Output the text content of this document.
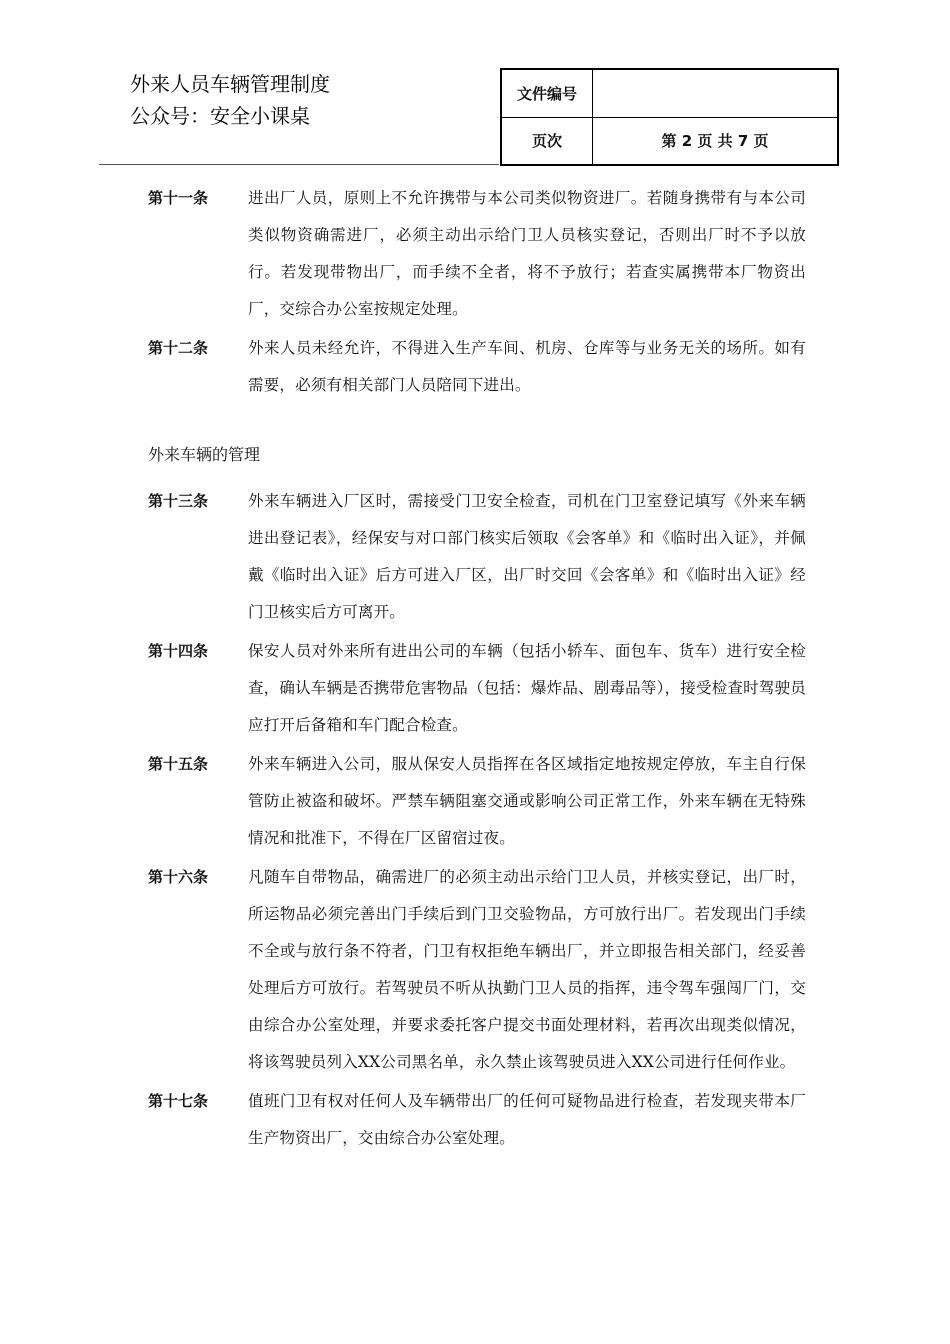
外来人员车辆管理制度
公众号：安全小课桌
文件编号	
页次	第 2 页 共 7 页
第十一条	进出厂人员，原则上不允许携带与本公司类似物资进厂。若随身携带有与本公司类似物资确需进厂，必须主动出示给门卫人员核实登记，否则出厂时不予以放行。若发现带物出厂，而手续不全者，将不予放行；若查实属携带本厂物资出厂，交综合办公室按规定处理。
第十二条	外来人员未经允许，不得进入生产车间、机房、仓库等与业务无关的场所。如有需要，必须有相关部门人员陪同下进出。
外来车辆的管理
第十三条	外来车辆进入厂区时，需接受门卫安全检查，司机在门卫室登记填写《外来车辆进出登记表》，经保安与对口部门核实后领取《会客单》和《临时出入证》，并佩戴《临时出入证》后方可进入厂区，出厂时交回《会客单》和《临时出入证》经门卫核实后方可离开。
第十四条	保安人员对外来所有进出公司的车辆（包括小轿车、面包车、货车）进行安全检查，确认车辆是否携带危害物品（包括：爆炸品、剧毒品等），接受检查时驾驶员应打开后备箱和车门配合检查。
第十五条	外来车辆进入公司，服从保安人员指挥在各区域指定地按规定停放，车主自行保管防止被盗和破坏。严禁车辆阻塞交通或影响公司正常工作，外来车辆在无特殊情况和批准下，不得在厂区留宿过夜。
第十六条	凡随车自带物品，确需进厂的必须主动出示给门卫人员，并核实登记，出厂时，所运物品必须完善出门手续后到门卫交验物品，方可放行出厂。若发现出门手续不全或与放行条不符者，门卫有权拒绝车辆出厂，并立即报告相关部门，经妥善处理后方可放行。若驾驶员不听从执勤门卫人员的指挥，违令驾车强闯厂门，交由综合办公室处理，并要求委托客户提交书面处理材料，若再次出现类似情况，将该驾驶员列入XX公司黑名单，永久禁止该驾驶员进入XX公司进行任何作业。
第十七条	值班门卫有权对任何人及车辆带出厂的任何可疑物品进行检查，若发现夹带本厂生产物资出厂，交由综合办公室处理。
